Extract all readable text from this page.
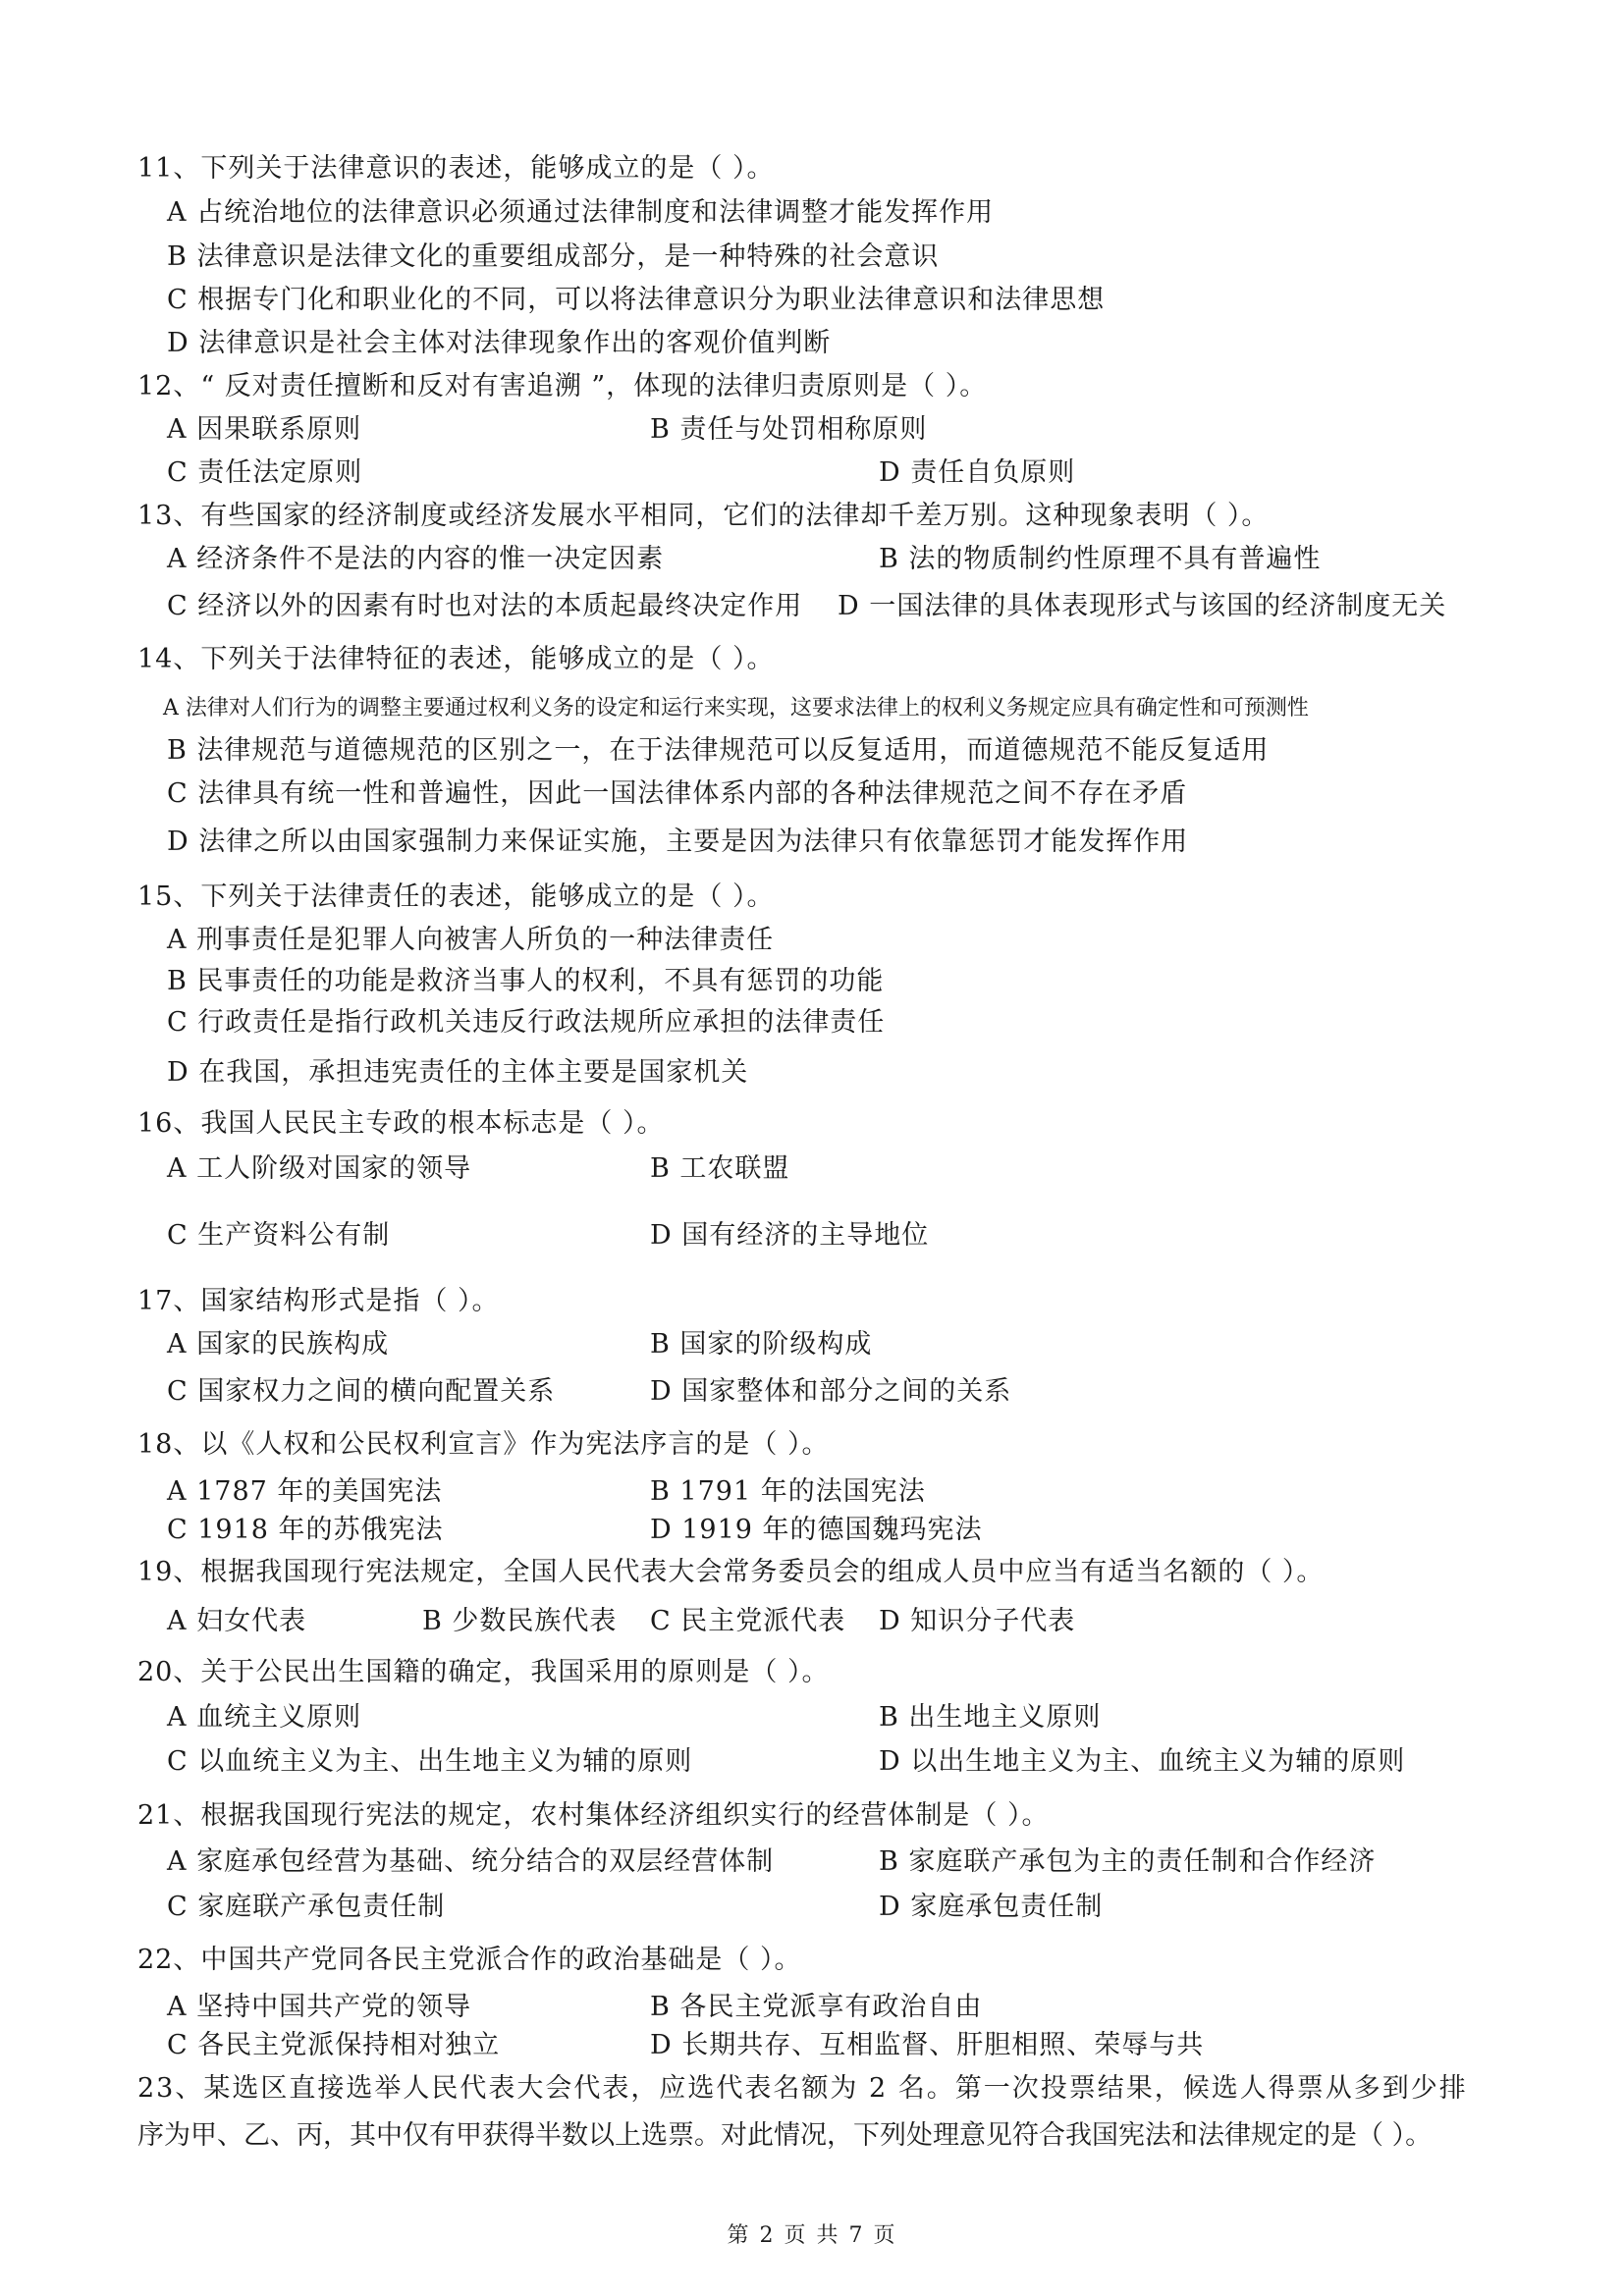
11、下列关于法律意识的表述，能够成立的是（ ）。
A 占统治地位的法律意识必须通过法律制度和法律调整才能发挥作用
B 法律意识是法律文化的重要组成部分，是一种特殊的社会意识
C 根据专门化和职业化的不同，可以将法律意识分为职业法律意识和法律思想
D 法律意识是社会主体对法律现象作出的客观价值判断
12、“ 反对责任擅断和反对有害追溯 ”，体现的法律归责原则是（ ）。
A 因果联系原则	B 责任与处罚相称原则
C 责任法定原则	D 责任自负原则
13、有些国家的经济制度或经济发展水平相同，它们的法律却千差万别。这种现象表明（ ）。
A 经济条件不是法的内容的惟一决定因素	B 法的物质制约性原理不具有普遍性
C 经济以外的因素有时也对法的本质起最终决定作用 D 一国法律的具体表现形式与该国的经济制度无关
14、下列关于法律特征的表述，能够成立的是（ ）。
A 法律对人们行为的调整主要通过权利义务的设定和运行来实现，这要求法律上的权利义务规定应具有确定性和可预测性
B 法律规范与道德规范的区别之一，在于法律规范可以反复适用，而道德规范不能反复适用
C 法律具有统一性和普遍性，因此一国法律体系内部的各种法律规范之间不存在矛盾
D 法律之所以由国家强制力来保证实施，主要是因为法律只有依靠惩罚才能发挥作用
15、下列关于法律责任的表述，能够成立的是（ ）。
A 刑事责任是犯罪人向被害人所负的一种法律责任
B 民事责任的功能是救济当事人的权利，不具有惩罚的功能
C 行政责任是指行政机关违反行政法规所应承担的法律责任
D 在我国，承担违宪责任的主体主要是国家机关
16、我国人民民主专政的根本标志是（ ）。
A 工人阶级对国家的领导	B 工农联盟
C 生产资料公有制	D 国有经济的主导地位
17、国家结构形式是指（ ）。
A 国家的民族构成	B 国家的阶级构成
C 国家权力之间的横向配置关系	D 国家整体和部分之间的关系
18、以《人权和公民权利宣言》作为宪法序言的是（ ）。
A 1787 年的美国宪法	B 1791 年的法国宪法
C 1918 年的苏俄宪法	D 1919 年的德国魏玛宪法
19、根据我国现行宪法规定，全国人民代表大会常务委员会的组成人员中应当有适当名额的（ ）。
A 妇女代表	B 少数民族代表 C 民主党派代表 D 知识分子代表
20、关于公民出生国籍的确定，我国采用的原则是（ ）。
A 血统主义原则	B 出生地主义原则
C 以血统主义为主、出生地主义为辅的原则	D 以出生地主义为主、血统主义为辅的原则
21、根据我国现行宪法的规定，农村集体经济组织实行的经营体制是（ ）。
A 家庭承包经营为基础、统分结合的双层经营体制	B 家庭联产承包为主的责任制和合作经济
C 家庭联产承包责任制	D 家庭承包责任制
22、中国共产党同各民主党派合作的政治基础是（ ）。
A 坚持中国共产党的领导	B 各民主党派享有政治自由
C 各民主党派保持相对独立	D 长期共存、互相监督、肝胆相照、荣辱与共
23、某选区直接选举人民代表大会代表，应选代表名额为 2 名。第一次投票结果，候选人得票从多到少排
序为甲、乙、丙，其中仅有甲获得半数以上选票。对此情况，下列处理意见符合我国宪法和法律规定的是（ ）。
第 2 页 共 7 页
